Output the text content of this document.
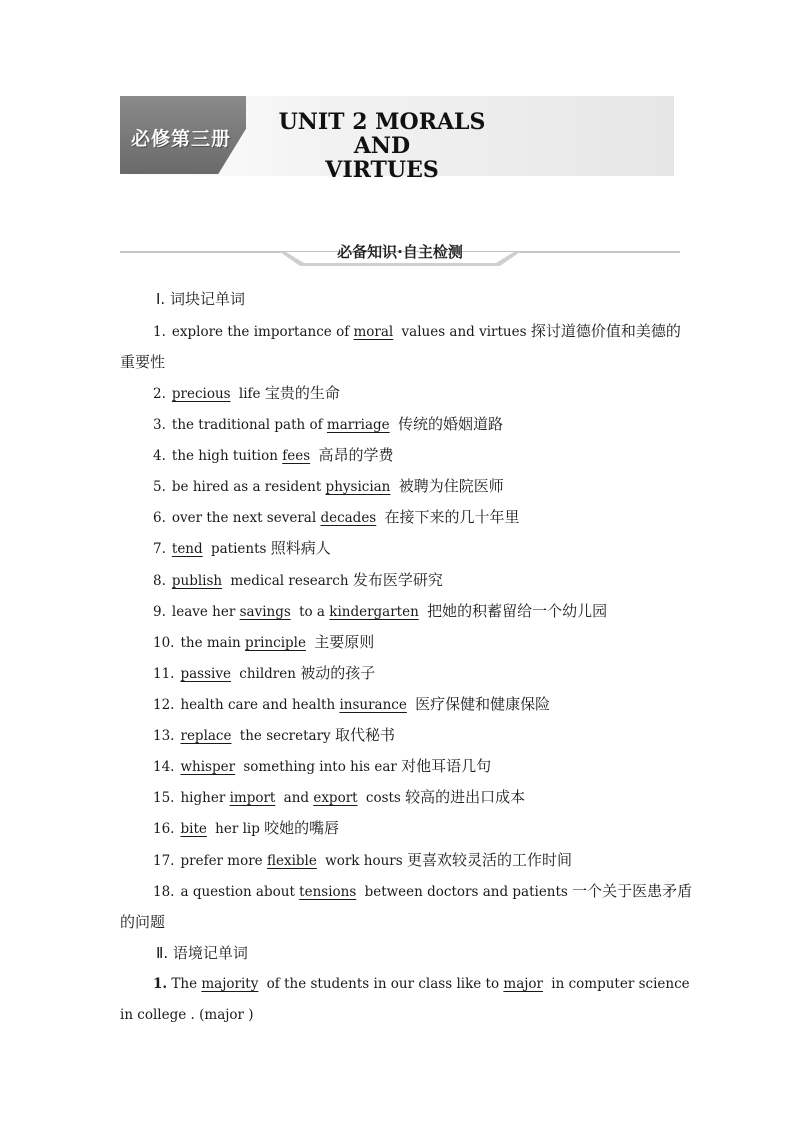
必修第三册
UNIT 2 MORALS AND
VIRTUES
必备知识·自主检测
Ⅰ. 词块记单词
1. explore the importance of moral values and virtues 探讨道德价值和美德的
重要性
2. precious life 宝贵的生命
3. the traditional path of marriage 传统的婚姻道路
4. the high tuition fees 高昂的学费
5. be hired as a resident physician 被聘为住院医师
6. over the next several decades 在接下来的几十年里
7. tend patients 照料病人
8. publish medical research 发布医学研究
9. leave her savings to a kindergarten 把她的积蓄留给一个幼儿园
10. the main principle 主要原则
11. passive children 被动的孩子
12. health care and health insurance 医疗保健和健康保险
13. replace the secretary 取代秘书
14. whisper something into his ear 对他耳语几句
15. higher import and export costs 较高的进出口成本
16. bite her lip 咬她的嘴唇
17. prefer more flexible work hours 更喜欢较灵活的工作时间
18. a question about tensions between doctors and patients 一个关于医患矛盾
的问题
Ⅱ. 语境记单词
1. The majority of the students in our class like to major in computer science
in college . (major )
